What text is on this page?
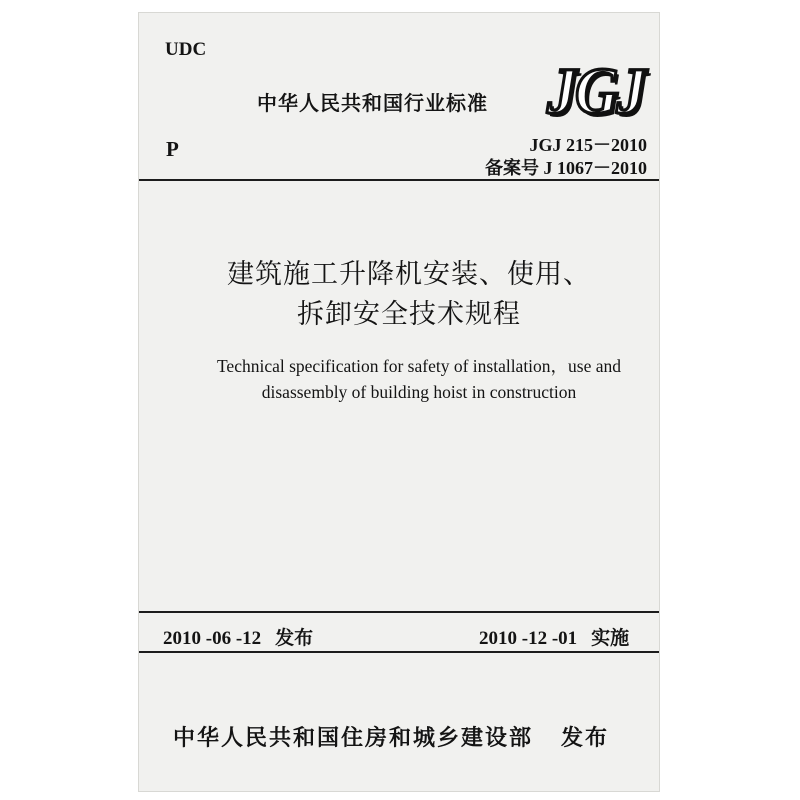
UDC
中华人民共和国行业标准 JGJ
P	JGJ 215－2010
备案号 J 1067－2010
建筑施工升降机安装、使用、
拆卸安全技术规程
Technical specification for safety of installation，use and
disassembly of building hoist in construction
2010 -06 -12 发布	2010 -12 -01 实施
中华人民共和国住房和城乡建设部 发布
